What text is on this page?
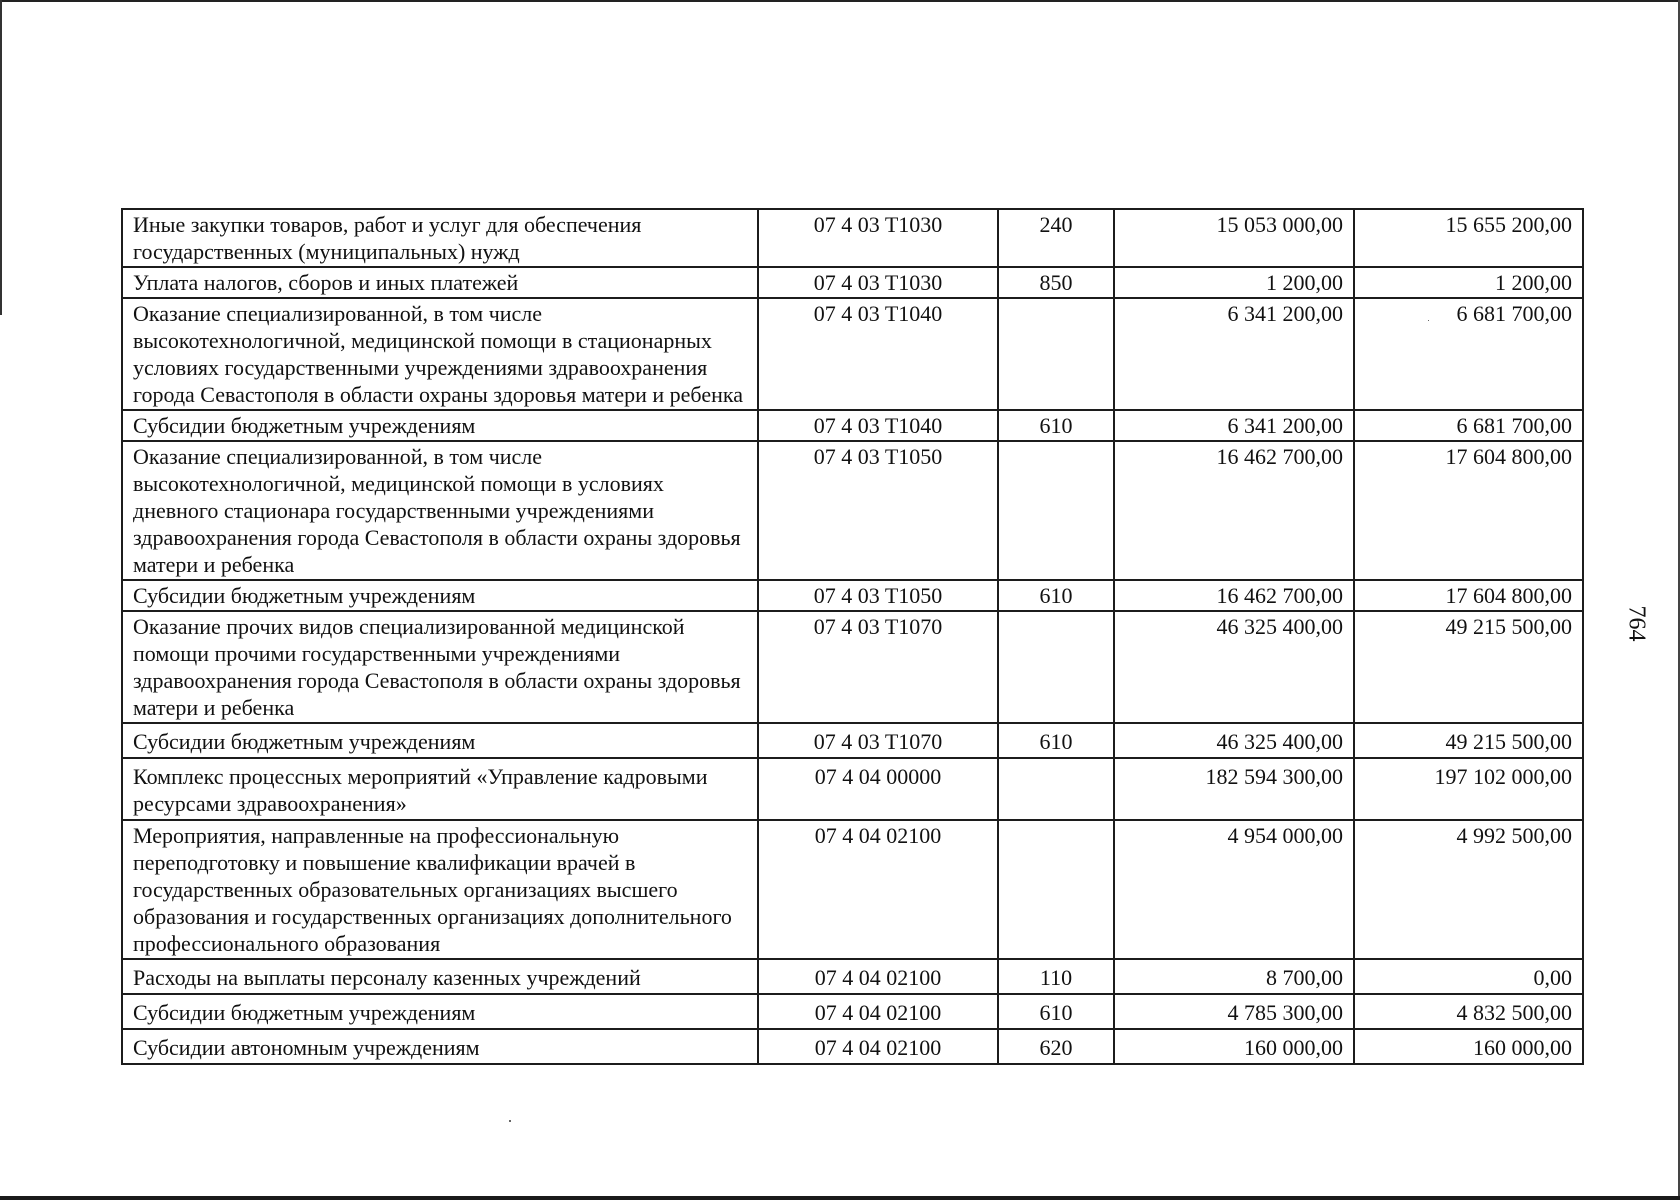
Иные закупки товаров, работ и услуг для обеспечения государственных (муниципальных) нужд	07 4 03 T1030	240	15 053 000,00	15 655 200,00
Уплата налогов, сборов и иных платежей	07 4 03 T1030	850	1 200,00	1 200,00
Оказание специализированной, в том числе высокотехнологичной, медицинской помощи в стационарных условиях государственными учреждениями здравоохранения города Севастополя в области охраны здоровья матери и ребенка	07 4 03 T1040		6 341 200,00	6 681 700,00
Субсидии бюджетным учреждениям	07 4 03 T1040	610	6 341 200,00	6 681 700,00
Оказание специализированной, в том числе высокотехнологичной, медицинской помощи в условиях дневного стационара государственными учреждениями здравоохранения города Севастополя в области охраны здоровья матери и ребенка	07 4 03 T1050		16 462 700,00	17 604 800,00
Субсидии бюджетным учреждениям	07 4 03 T1050	610	16 462 700,00	17 604 800,00
Оказание прочих видов специализированной медицинской помощи прочими государственными учреждениями здравоохранения города Севастополя в области охраны здоровья матери и ребенка	07 4 03 T1070		46 325 400,00	49 215 500,00
Субсидии бюджетным учреждениям	07 4 03 T1070	610	46 325 400,00	49 215 500,00
Комплекс процессных мероприятий «Управление кадровыми ресурсами здравоохранения»	07 4 04 00000		182 594 300,00	197 102 000,00
Мероприятия, направленные на профессиональную переподготовку и повышение квалификации врачей в государственных образовательных организациях высшего образования и государственных организациях дополнительного профессионального образования	07 4 04 02100		4 954 000,00	4 992 500,00
Расходы на выплаты персоналу казенных учреждений	07 4 04 02100	110	8 700,00	0,00
Субсидии бюджетным учреждениям	07 4 04 02100	610	4 785 300,00	4 832 500,00
Субсидии автономным учреждениям	07 4 04 02100	620	160 000,00	160 000,00
764
